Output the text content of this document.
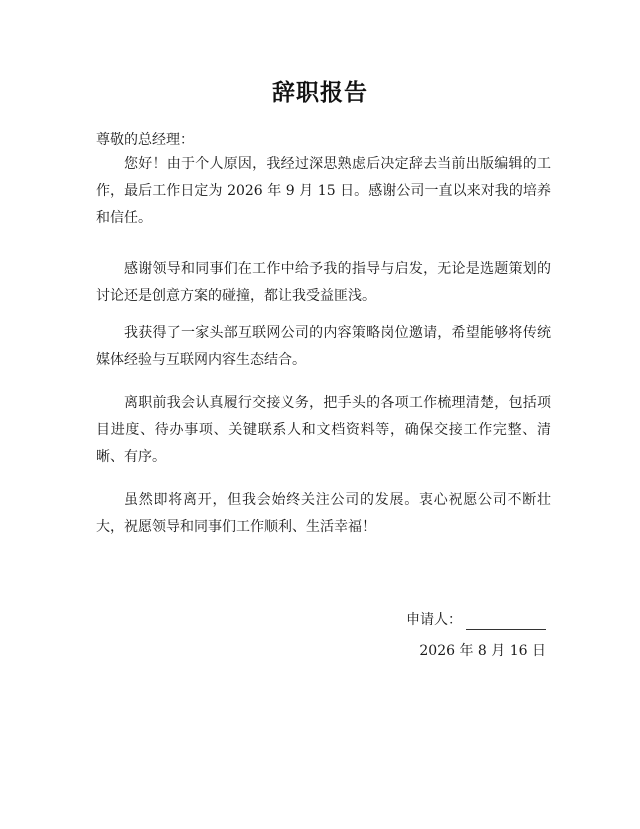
辞职报告
尊敬的总经理：

您好！由于个人原因，我经过深思熟虑后决定辞去当前出版编辑的工作，最后工作日定为 2026 年 9 月 15 日。感谢公司一直以来对我的培养和信任。

感谢领导和同事们在工作中给予我的指导与启发，无论是选题策划的讨论还是创意方案的碰撞，都让我受益匪浅。

我获得了一家头部互联网公司的内容策略岗位邀请，希望能够将传统媒体经验与互联网内容生态结合。

离职前我会认真履行交接义务，把手头的各项工作梳理清楚，包括项目进度、待办事项、关键联系人和文档资料等，确保交接工作完整、清晰、有序。

虽然即将离开，但我会始终关注公司的发展。衷心祝愿公司不断壮大，祝愿领导和同事们工作顺利、生活幸福！

申请人：
2026 年 8 月 16 日
